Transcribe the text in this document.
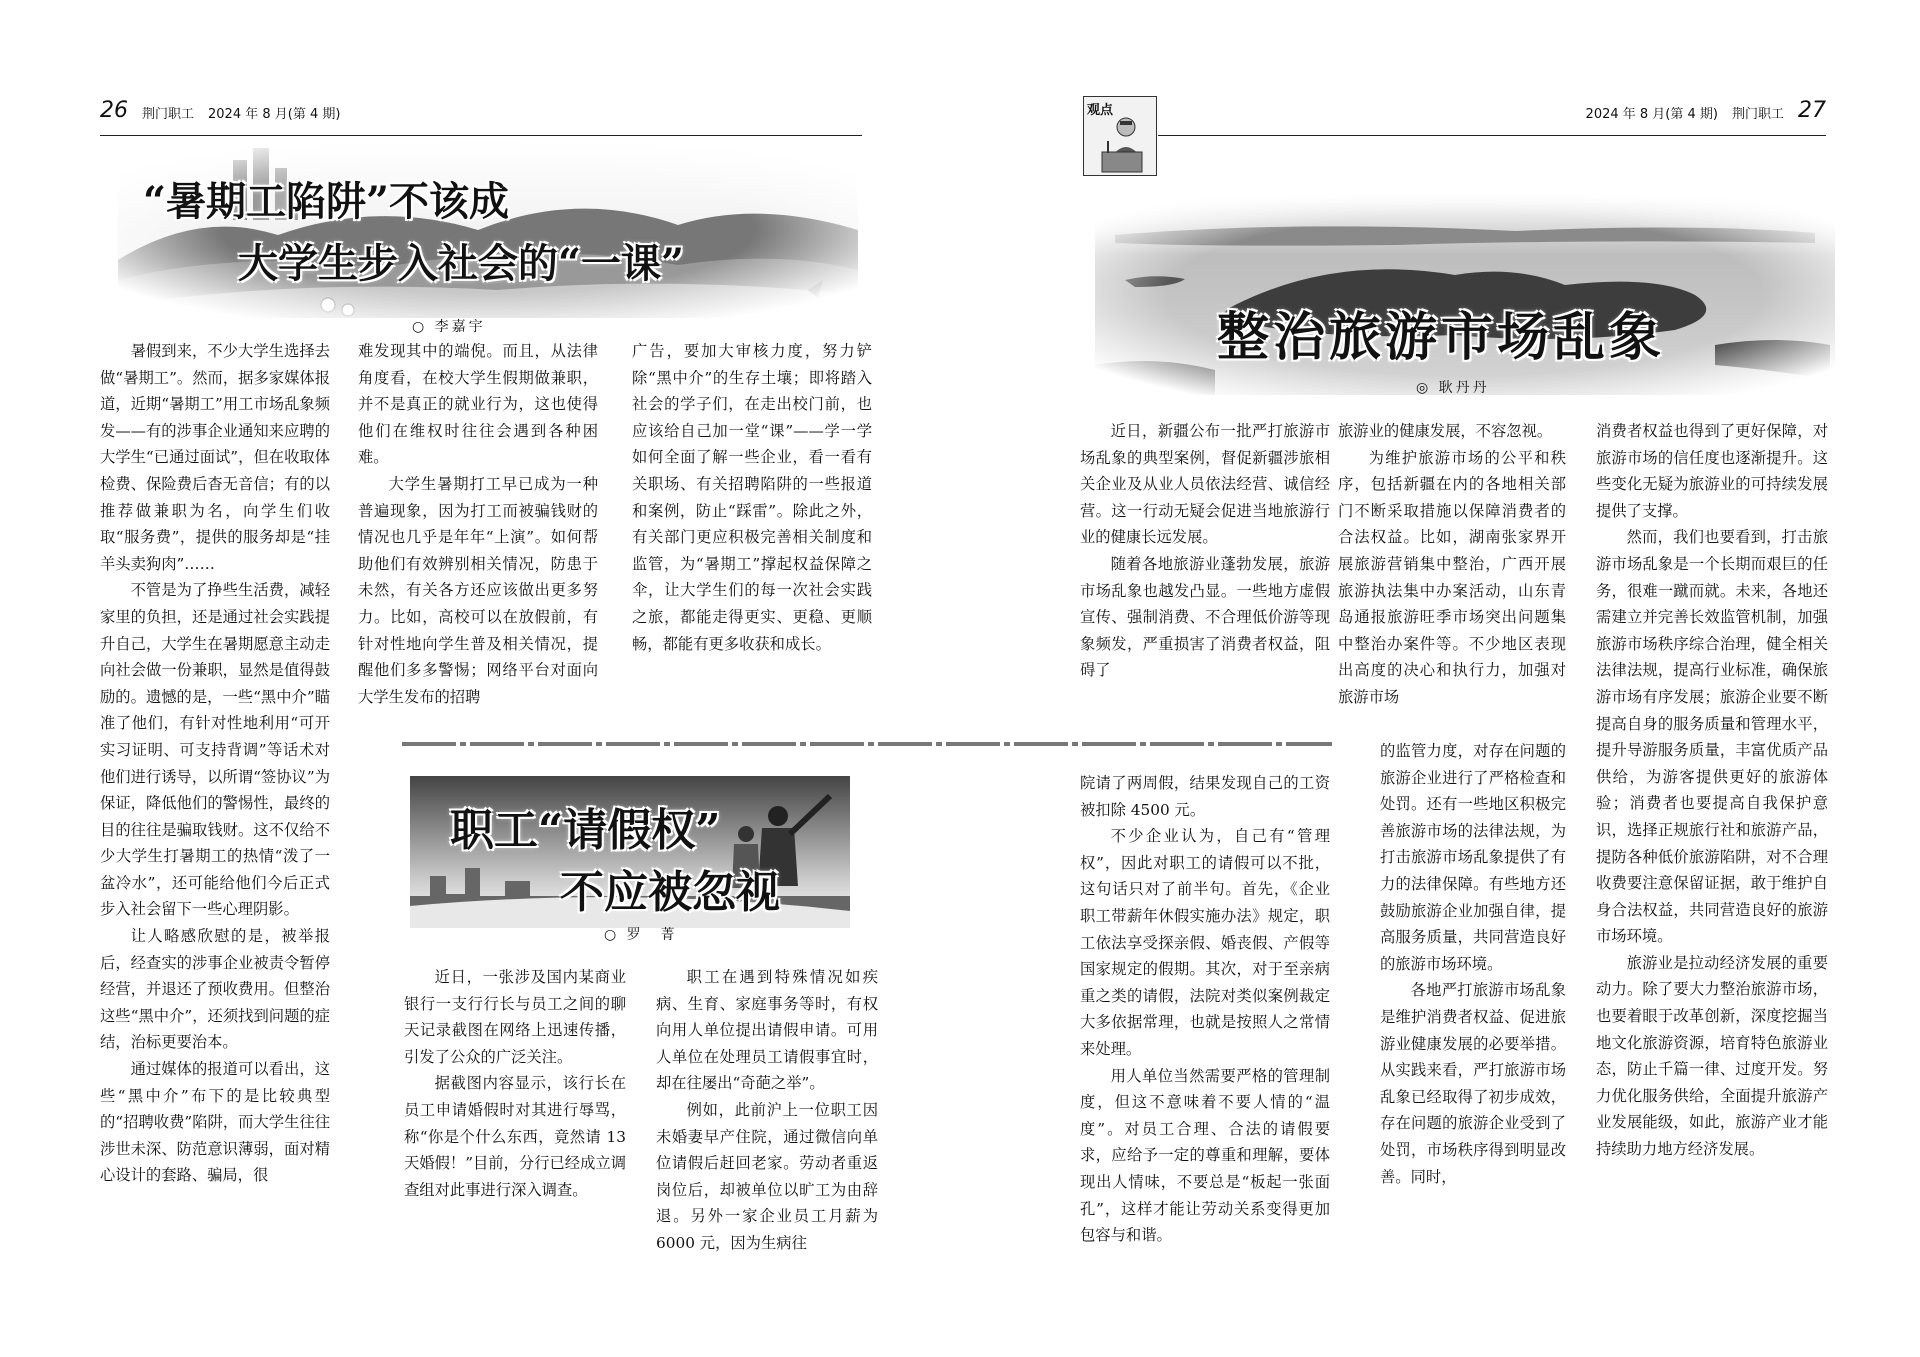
26 荆门职工 2024 年 8 月(第 4 期)	观点	2024 年 8 月(第 4 期) 荆门职工 27
“暑期工陷阱”不该成
大学生步入社会的“一课”
○ 李嘉宇

暑假到来，不少大学生选择去做“暑期工”。然而，据多家媒体报道，近期“暑期工”用工市场乱象频发——有的涉事企业通知来应聘的大学生“已通过面试”，但在收取体检费、保险费后杳无音信；有的以推荐做兼职为名，向学生们收取“服务费”，提供的服务却是“挂羊头卖狗肉”……

不管是为了挣些生活费，减轻家里的负担，还是通过社会实践提升自己，大学生在暑期愿意主动走向社会做一份兼职，显然是值得鼓励的。遗憾的是，一些“黑中介”瞄准了他们，有针对性地利用“可开实习证明、可支持背调”等话术对他们进行诱导，以所谓“签协议”为保证，降低他们的警惕性，最终的目的往往是骗取钱财。这不仅给不少大学生打暑期工的热情“泼了一盆冷水”，还可能给他们今后正式步入社会留下一些心理阴影。

让人略感欣慰的是，被举报后，经查实的涉事企业被责令暂停经营，并退还了预收费用。但整治这些“黑中介”，还须找到问题的症结，治标更要治本。

通过媒体的报道可以看出，这些“黑中介”布下的是比较典型的“招聘收费”陷阱，而大学生往往涉世未深、防范意识薄弱，面对精心设计的套路、骗局，很

难发现其中的端倪。而且，从法律角度看，在校大学生假期做兼职，并不是真正的就业行为，这也使得他们在维权时往往会遇到各种困难。

大学生暑期打工早已成为一种普遍现象，因为打工而被骗钱财的情况也几乎是年年“上演”。如何帮助他们有效辨别相关情况，防患于未然，有关各方还应该做出更多努力。比如，高校可以在放假前，有针对性地向学生普及相关情况，提醒他们多多警惕；网络平台对面向大学生发布的招聘

广告，要加大审核力度，努力铲除“黑中介”的生存土壤；即将踏入社会的学子们，在走出校门前，也应该给自己加一堂“课”——学一学如何全面了解一些企业，看一看有关职场、有关招聘陷阱的一些报道和案例，防止“踩雷”。除此之外，有关部门更应积极完善相关制度和监管，为“暑期工”撑起权益保障之伞，让大学生们的每一次社会实践之旅，都能走得更实、更稳、更顺畅，都能有更多收获和成长。

职工“请假权”
不应被忽视
○ 罗　菁

近日，一张涉及国内某商业银行一支行行长与员工之间的聊天记录截图在网络上迅速传播，引发了公众的广泛关注。

据截图内容显示，该行长在员工申请婚假时对其进行辱骂，称“你是个什么东西，竟然请 13 天婚假！”目前，分行已经成立调查组对此事进行深入调查。

职工在遇到特殊情况如疾病、生育、家庭事务等时，有权向用人单位提出请假申请。可用人单位在处理员工请假事宜时，却在往屡出“奇葩之举”。

例如，此前沪上一位职工因未婚妻早产住院，通过微信向单位请假后赶回老家。劳动者重返岗位后，却被单位以旷工为由辞退。另外一家企业员工月薪为 6000 元，因为生病往

院请了两周假，结果发现自己的工资被扣除 4500 元。

不少企业认为，自己有“管理权”，因此对职工的请假可以不批，这句话只对了前半句。首先，《企业职工带薪年休假实施办法》规定，职工依法享受探亲假、婚丧假、产假等国家规定的假期。其次，对于至亲病重之类的请假，法院对类似案例裁定大多依据常理，也就是按照人之常情来处理。

用人单位当然需要严格的管理制度，但这不意味着不要人情的“温度”。对员工合理、合法的请假要求，应给予一定的尊重和理解，要体现出人情味，不要总是“板起一张面孔”，这样才能让劳动关系变得更加包容与和谐。

整治旅游市场乱象
◎ 耿丹丹

近日，新疆公布一批严打旅游市场乱象的典型案例，督促新疆涉旅相关企业及从业人员依法经营、诚信经营。这一行动无疑会促进当地旅游行业的健康长远发展。

随着各地旅游业蓬勃发展，旅游市场乱象也越发凸显。一些地方虚假宣传、强制消费、不合理低价游等现象频发，严重损害了消费者权益，阻碍了

旅游业的健康发展，不容忽视。

为维护旅游市场的公平和秩序，包括新疆在内的各地相关部门不断采取措施以保障消费者的合法权益。比如，湖南张家界开展旅游营销集中整治，广西开展旅游执法集中办案活动，山东青岛通报旅游旺季市场突出问题集中整治办案件等。不少地区表现出高度的决心和执行力，加强对旅游市场

的监管力度，对存在问题的旅游企业进行了严格检查和处罚。还有一些地区积极完善旅游市场的法律法规，为打击旅游市场乱象提供了有力的法律保障。有些地方还鼓励旅游企业加强自律，提高服务质量，共同营造良好的旅游市场环境。

各地严打旅游市场乱象是维护消费者权益、促进旅游业健康发展的必要举措。从实践来看，严打旅游市场乱象已经取得了初步成效，存在问题的旅游企业受到了处罚，市场秩序得到明显改善。同时，

消费者权益也得到了更好保障，对旅游市场的信任度也逐渐提升。这些变化无疑为旅游业的可持续发展提供了支撑。

然而，我们也要看到，打击旅游市场乱象是一个长期而艰巨的任务，很难一蹴而就。未来，各地还需建立并完善长效监管机制，加强旅游市场秩序综合治理，健全相关法律法规，提高行业标准，确保旅游市场有序发展；旅游企业要不断提高自身的服务质量和管理水平，提升导游服务质量，丰富优质产品供给，为游客提供更好的旅游体验；消费者也要提高自我保护意识，选择正规旅行社和旅游产品，提防各种低价旅游陷阱，对不合理收费要注意保留证据，敢于维护自身合法权益，共同营造良好的旅游市场环境。

旅游业是拉动经济发展的重要动力。除了要大力整治旅游市场，也要着眼于改革创新，深度挖掘当地文化旅游资源，培育特色旅游业态，防止千篇一律、过度开发。努力优化服务供给，全面提升旅游产业发展能级，如此，旅游产业才能持续助力地方经济发展。
